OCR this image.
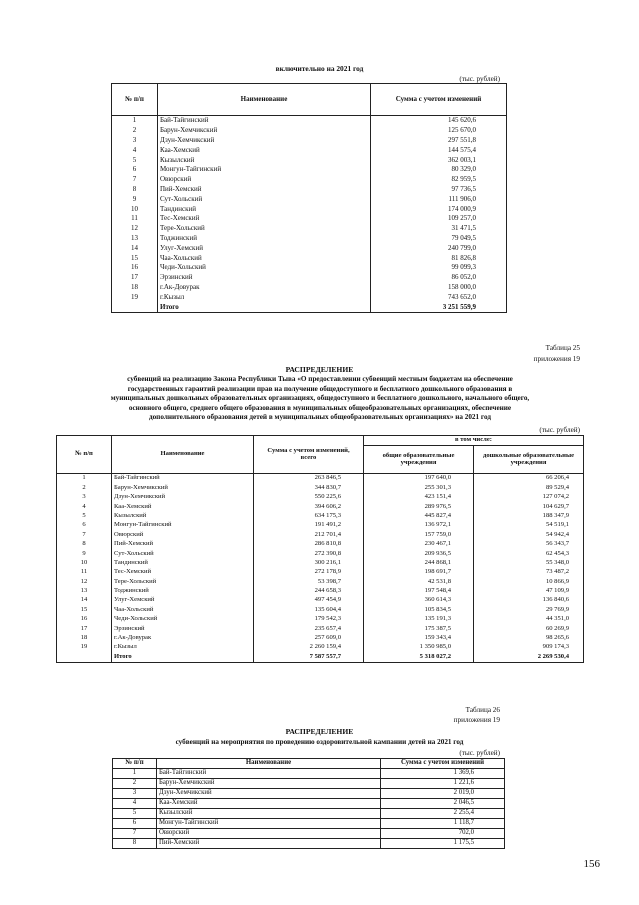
включительно на 2021 год
(тыс. рублей)
№ п/п	Наименование	Сумма с учетом изменений
1	Бай-Тайгинский	145 620,6
2	Барун-Хемчикский	125 670,0
3	Дзун-Хемчикский	297 551,8
4	Каа-Хемский	144 575,4
5	Кызылский	362 003,1
6	Монгун-Тайгинский	80 329,0
7	Овюрский	82 959,5
8	Пий-Хемский	97 736,5
9	Сут-Хольский	111 906,0
10	Тандинский	174 000,9
11	Тес-Хемский	109 257,0
12	Тере-Хольский	31 471,5
13	Тоджинский	79 049,5
14	Улуг-Хемский	240 799,0
15	Чаа-Хольский	81 826,8
16	Чеди-Хольский	99 099,3
17	Эрзинский	86 052,0
18	г.Ак-Довурак	158 000,0
19	г.Кызыл	743 652,0
	Итого	3 251 559,9
Таблица 25
приложения 19
РАСПРЕДЕЛЕНИЕ
субвенций на реализацию Закона Республики Тыва «О предоставлении субвенций местным бюджетам на обеспечение
государственных гарантий реализации прав на получение общедоступного и бесплатного дошкольного образования в
муниципальных дошкольных образовательных организациях, общедоступного и бесплатного дошкольного, начального общего,
основного общего, среднего общего образования в муниципальных общеобразовательных организациях, обеспечение
дополнительного образования детей в муниципальных общеобразовательных организациях» на 2021 год
(тыс. рублей)
№ п/п	Наименование	Сумма с учетом изменений, всего	в том числе:	
			общие образовательные учреждения	дошкольные образовательные учреждения
1	Бай-Тайгинский	263 846,5	197 640,0	66 206,4
2	Барун-Хемчикский	344 830,7	255 301,3	89 529,4
3	Дзун-Хемчикский	550 225,6	423 151,4	127 074,2
4	Каа-Хемский	394 606,2	289 976,5	104 629,7
5	Кызылский	634 175,3	445 827,4	188 347,9
6	Монгун-Тайгинский	191 491,2	136 972,1	54 519,1
7	Овюрский	212 701,4	157 759,0	54 942,4
8	Пий-Хемский	286 810,8	230 467,1	56 343,7
9	Сут-Хольский	272 390,8	209 936,5	62 454,3
10	Тандинский	300 216,1	244 868,1	55 348,0
11	Тес-Хемский	272 178,9	198 691,7	73 487,2
12	Тере-Хольский	53 398,7	42 531,8	10 866,9
13	Тоджинский	244 658,3	197 548,4	47 109,9
14	Улуг-Хемский	497 454,9	360 614,3	136 840,6
15	Чаа-Хольский	135 604,4	105 834,5	29 769,9
16	Чеди-Хольский	179 542,3	135 191,3	44 351,0
17	Эрзинский	235 657,4	175 387,5	60 269,9
18	г.Ак-Довурак	257 609,0	159 343,4	98 265,6
19	г.Кызыл	2 260 159,4	1 350 985,0	909 174,3
	Итого	7 587 557,7	5 318 027,2	2 269 530,4
Таблица 26
приложения 19
РАСПРЕДЕЛЕНИЕ
субвенций на мероприятия по проведению оздоровительной кампании детей на 2021 год
(тыс. рублей)
№ п/п	Наименование	Сумма с учетом изменений
1	Бай-Тайгинский	1 369,6
2	Барун-Хемчикский	1 221,6
3	Дзун-Хемчикский	2 019,0
4	Каа-Хемский	2 046,5
5	Кызылский	2 255,4
6	Монгун-Тайгинский	1 118,7
7	Овюрский	702,0
8	Пий-Хемский	1 175,5
156
